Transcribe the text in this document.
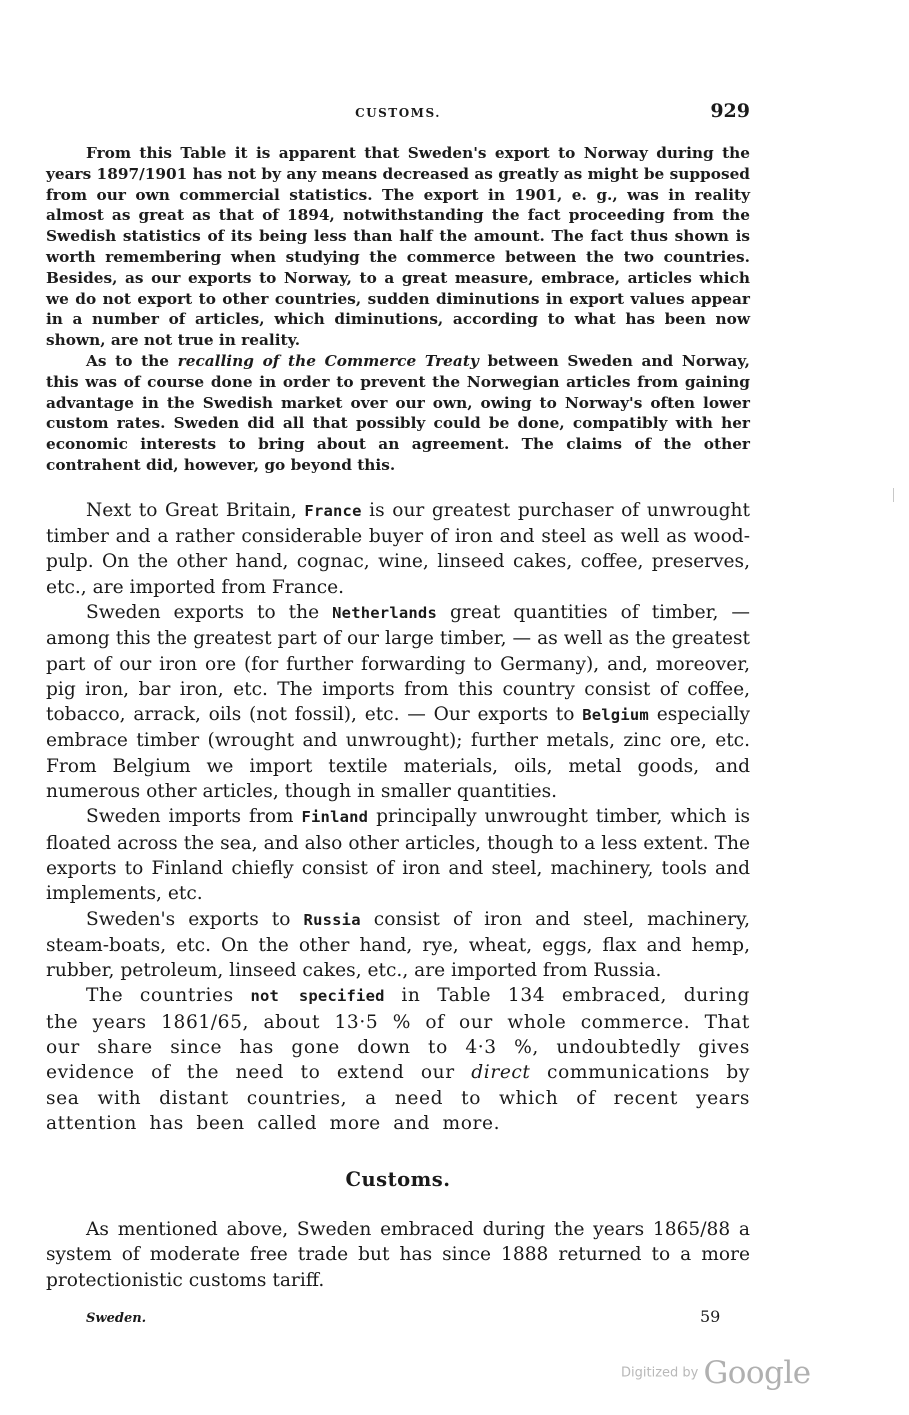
CUSTOMS.	929

From this Table it is apparent that Sweden's export to Norway during the years 1897/1901 has not by any means decreased as greatly as might be supposed from our own commercial statistics. The export in 1901, e. g., was in reality almost as great as that of 1894, notwithstanding the fact proceeding from the Swedish statistics of its being less than half the amount. The fact thus shown is worth remembering when studying the commerce between the two countries. Besides, as our exports to Norway, to a great measure, embrace, articles which we do not export to other countries, sudden diminutions in export values appear in a number of articles, which diminutions, according to what has been now shown, are not true in reality.

As to the recalling of the Commerce Treaty between Sweden and Norway, this was of course done in order to prevent the Norwegian articles from gaining advantage in the Swedish market over our own, owing to Norway's often lower custom rates. Sweden did all that possibly could be done, compatibly with her economic interests to bring about an agreement. The claims of the other contrahent did, however, go beyond this.

Next to Great Britain, France is our greatest purchaser of unwrought timber and a rather considerable buyer of iron and steel as well as wood-pulp. On the other hand, cognac, wine, linseed cakes, coffee, preserves, etc., are imported from France.

Sweden exports to the Netherlands great quantities of timber, — among this the greatest part of our large timber, — as well as the greatest part of our iron ore (for further forwarding to Germany), and, moreover, pig iron, bar iron, etc. The imports from this country consist of coffee, tobacco, arrack, oils (not fossil), etc. — Our exports to Belgium especially embrace timber (wrought and unwrought); further metals, zinc ore, etc. From Belgium we import textile materials, oils, metal goods, and numerous other articles, though in smaller quantities.

Sweden imports from Finland principally unwrought timber, which is floated across the sea, and also other articles, though to a less extent. The exports to Finland chiefly consist of iron and steel, machinery, tools and implements, etc.

Sweden's exports to Russia consist of iron and steel, machinery, steam-boats, etc. On the other hand, rye, wheat, eggs, flax and hemp, rubber, petroleum, linseed cakes, etc., are imported from Russia.

The countries not specified in Table 134 embraced, during the years 1861/65, about 13·5 % of our whole commerce. That our share since has gone down to 4·3 %, undoubtedly gives evidence of the need to extend our direct communications by sea with distant countries, a need to which of recent years attention has been called more and more.

Customs.

As mentioned above, Sweden embraced during the years 1865/88 a system of moderate free trade but has since 1888 returned to a more protectionistic customs tariff.

Sweden.	59
Digitized by Google
